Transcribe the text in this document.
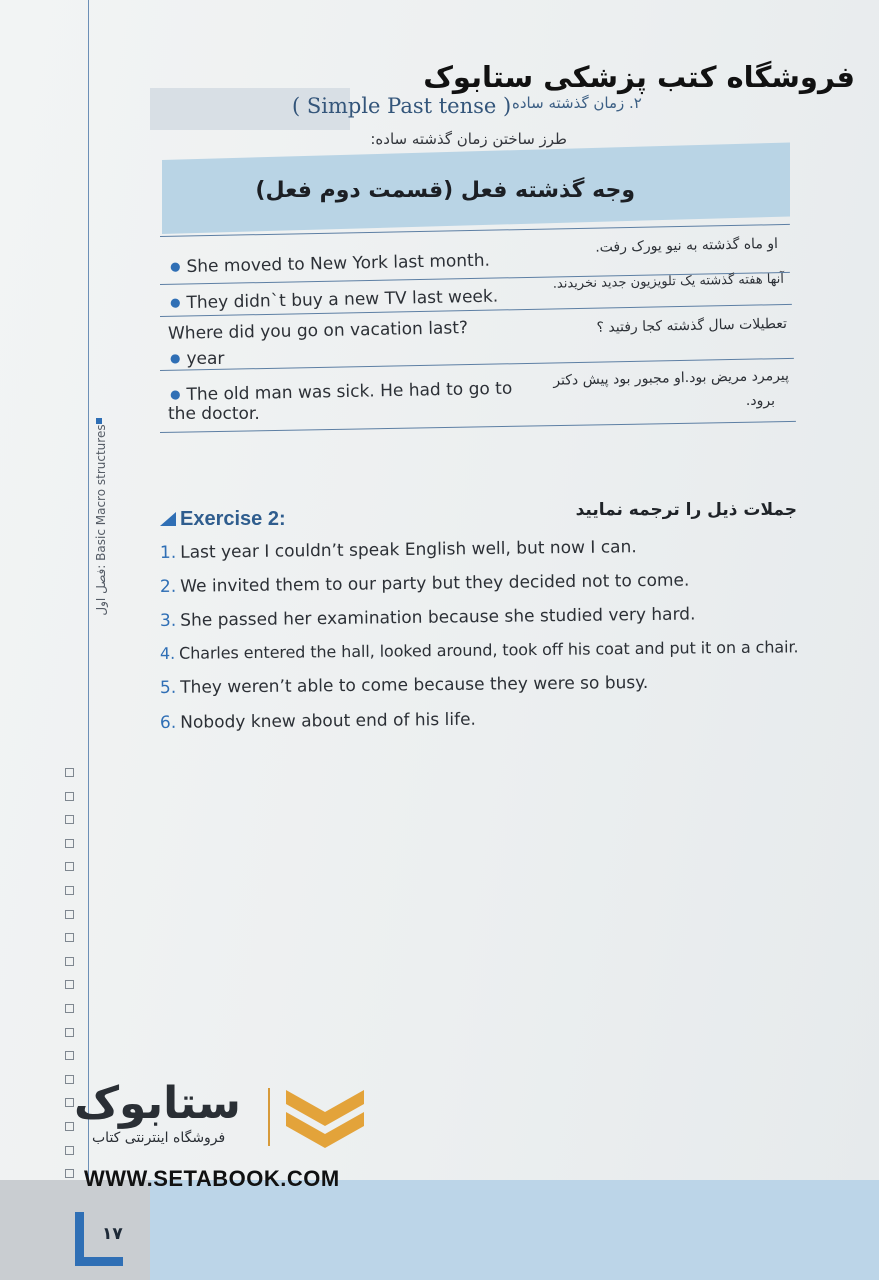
فصل اول: Basic Macro structures
۲. زمان گذشته ساده
( Simple Past tense )
فروشگاه کتب پزشکی ستابوک
طرز ساختن زمان گذشته ساده:
وجه گذشته فعل (قسمت دوم فعل)
● She moved to New York last month.
او ماه گذشته به نیو یورک رفت.
● They didn`t buy a new TV last week.
آنها هفته گذشته یک تلویزیون جدید نخریدند.
Where did you go on vacation last?
● year
تعطیلات سال گذشته کجا رفتید ؟
● The old man was sick. He had to go to
the doctor.
پیرمرد مریض بود.او مجبور بود پیش دکتر
برود.
Exercise 2:	جملات ذیل را ترجمه نمایید
1. Last year I couldn’t speak English well, but now I can.
2. We invited them to our party but they decided not to come.
3. She passed her examination because she studied very hard.
4. Charles entered the hall, looked around, took off his coat and put it on a chair.
5. They weren’t able to come because they were so busy.
6. Nobody knew about end of his life.
۱۷
ستابوک
فروشگاه اینترنتی کتاب
WWW.SETABOOK.COM
